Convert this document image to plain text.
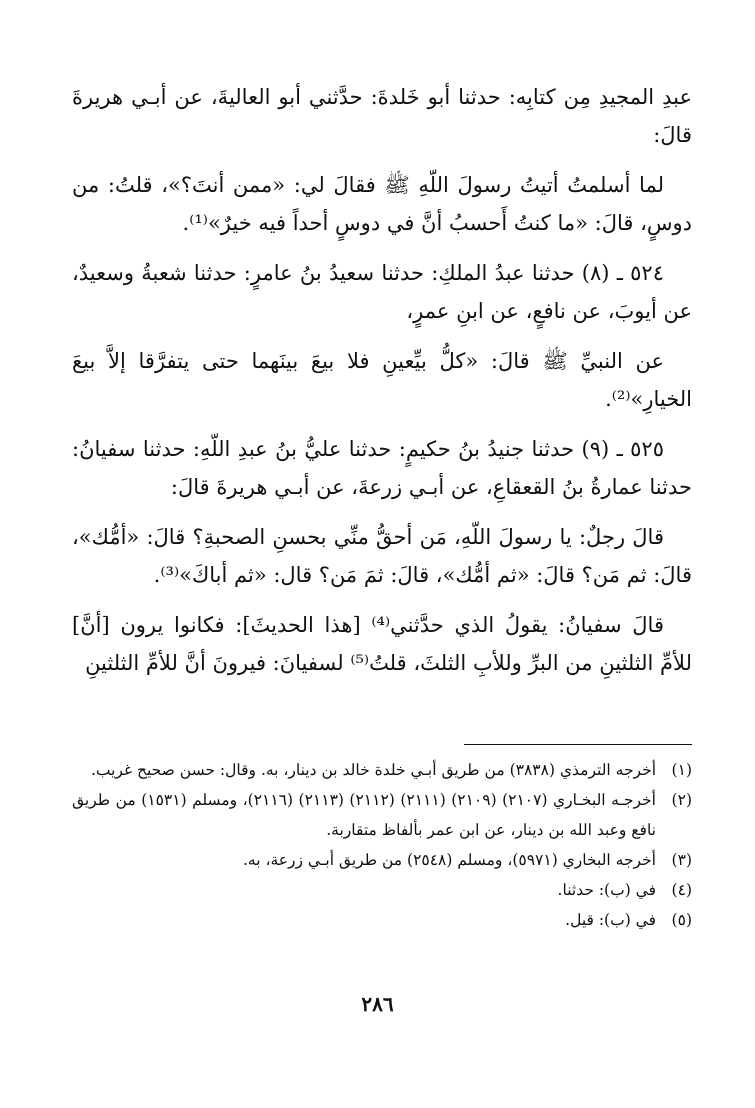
عبدِ المجيدِ مِن كتابِه: حدثنا أبو خَلدةَ: حدَّثني أبو العاليةَ، عن أبـي هريرةَ قالَ:

لما أسلمتُ أتيتُ رسولَ اللّهِ ﷺ فقالَ لي: «ممن أنتَ؟»، قلتُ: من دوسٍ، قالَ: «ما كنتُ أَحسبُ أنَّ في دوسٍ أحداً فيه خيرٌ»⁽¹⁾.

٥٢٤ ـ (٨) حدثنا عبدُ الملكِ: حدثنا سعيدُ بنُ عامرٍ: حدثنا شعبةُ وسعيدٌ، عن أيوبَ، عن نافعٍ، عن ابنِ عمرٍ،

عن النبيِّ ﷺ قالَ: «كلُّ بيِّعينِ فلا بيعَ بينَهما حتى يتفرَّقا إلاَّ بيعَ الخيارِ»⁽²⁾.

٥٢٥ ـ (٩) حدثنا جنيدُ بنُ حكيمٍ: حدثنا عليُّ بنُ عبدِ اللّهِ: حدثنا سفيانُ: حدثنا عمارةُ بنُ القعقاعِ، عن أبـي زرعةَ، عن أبـي هريرةَ قالَ:

قالَ رجلٌ: يا رسولَ اللّهِ، مَن أحقُّ منِّي بحسنِ الصحبةِ؟ قالَ: «أمُّك»، قالَ: ثم مَن؟ قالَ: «ثم أمُّك»، قالَ: ثمَ مَن؟ قال: «ثم أباكَ»⁽³⁾.

قالَ سفيانُ: يقولُ الذي حدَّثني⁽⁴⁾ [هذا الحديثَ]: فكانوا يرون [أنَّ] للأمِّ الثلثينِ من البرِّ وللأبِ الثلثَ، قلتُ⁽⁵⁾ لسفيانَ: فيرونَ أنَّ للأمِّ الثلثينِ

(١)
أخرجه الترمذي (٣٨٣٨) من طريق أبـي خلدة خالد بن دينار، به. وقال: حسن صحيح غريب.
(٢)
أخرجـه البخـاري (٢١٠٧) (٢١٠٩) (٢١١١) (٢١١٢) (٢١١٣) (٢١١٦)، ومسلم (١٥٣١) من طريق نافع وعبد الله بن دينار، عن ابن عمر بألفاظ متقاربة.
(٣)
أخرجه البخاري (٥٩٧١)، ومسلم (٢٥٤٨) من طريق أبـي زرعة، به.
(٤)
في (ب): حدثنا.
(٥)
في (ب): قيل.
٢٨٦
